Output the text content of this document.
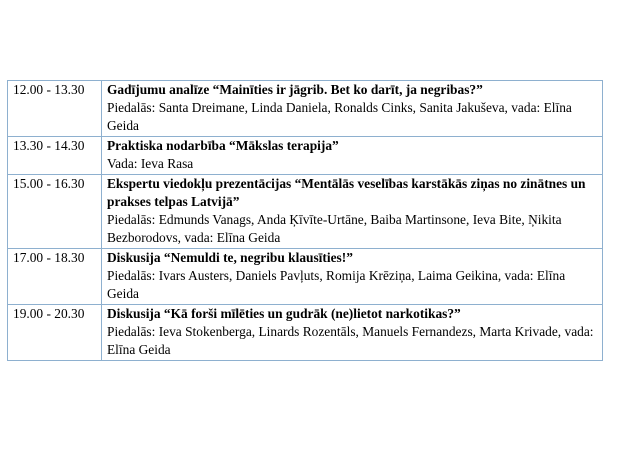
12.00 - 13.30	Gadījumu analīze “Mainīties ir jāgrib. Bet ko darīt, ja negribas?”
Piedalās: Santa Dreimane, Linda Daniela, Ronalds Cinks, Sanita Jakuševa, vada: Elīna Geida

13.30 - 14.30	Praktiska nodarbība “Mākslas terapija”
Vada: Ieva Rasa

15.00 - 16.30	Ekspertu viedokļu prezentācijas “Mentālās veselības karstākās ziņas no zinātnes un prakses telpas Latvijā”
Piedalās: Edmunds Vanags, Anda Ķīvīte-Urtāne, Baiba Martinsone, Ieva Bite, Ņikita Bezborodovs, vada: Elīna Geida

17.00 - 18.30	Diskusija “Nemuldi te, negribu klausīties!”
Piedalās: Ivars Austers, Daniels Pavļuts, Romija Krēziņa, Laima Geikina, vada: Elīna Geida

19.00 - 20.30	Diskusija “Kā forši mīlēties un gudrāk (ne)lietot narkotikas?”
Piedalās: Ieva Stokenberga, Linards Rozentāls, Manuels Fernandezs, Marta Krivade, vada: Elīna Geida
